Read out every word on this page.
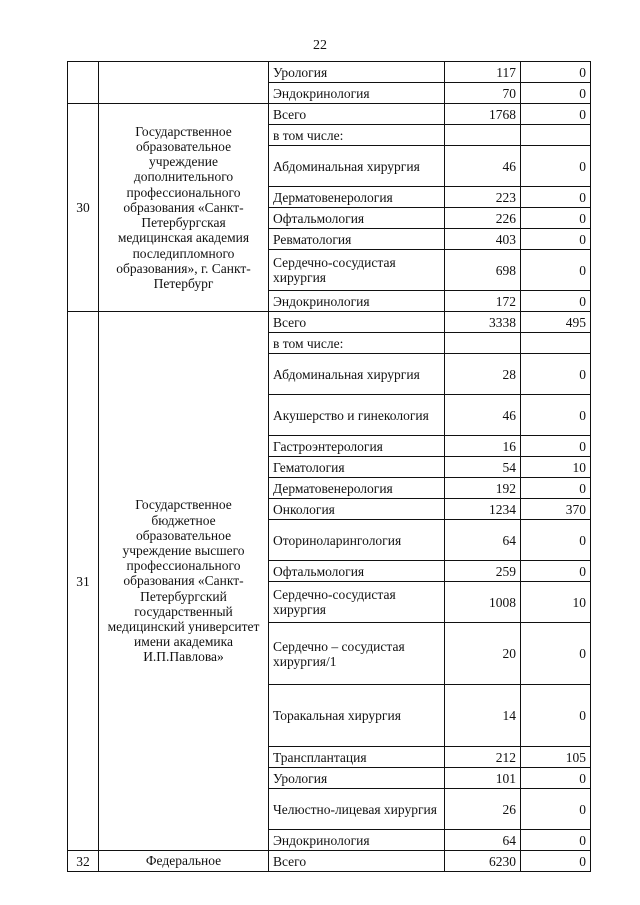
22
		Урология	117	0
		Эндокринология	70	0
30	Государственное образовательное учреждение дополнительного профессионального образования «Санкт-Петербургская медицинская академия последипломного образования», г. Санкт-Петербург	Всего	1768	0
		в том числе:		
		Абдоминальная хирургия	46	0
		Дерматовенерология	223	0
		Офтальмология	226	0
		Ревматология	403	0
		Сердечно-сосудистая хирургия	698	0
		Эндокринология	172	0
31	Государственное бюджетное образовательное учреждение высшего профессионального образования «Санкт-Петербургский государственный медицинский университет имени академика И.П.Павлова»	Всего	3338	495
		в том числе:		
		Абдоминальная хирургия	28	0
		Акушерство и гинекология	46	0
		Гастроэнтерология	16	0
		Гематология	54	10
		Дерматовенерология	192	0
		Онкология	1234	370
		Оториноларингология	64	0
		Офтальмология	259	0
		Сердечно-сосудистая хирургия	1008	10
		Сердечно – сосудистая хирургия/1	20	0
		Торакальная хирургия	14	0
		Трансплантация	212	105
		Урология	101	0
		Челюстно-лицевая хирургия	26	0
		Эндокринология	64	0
32	Федеральное	Всего	6230	0
